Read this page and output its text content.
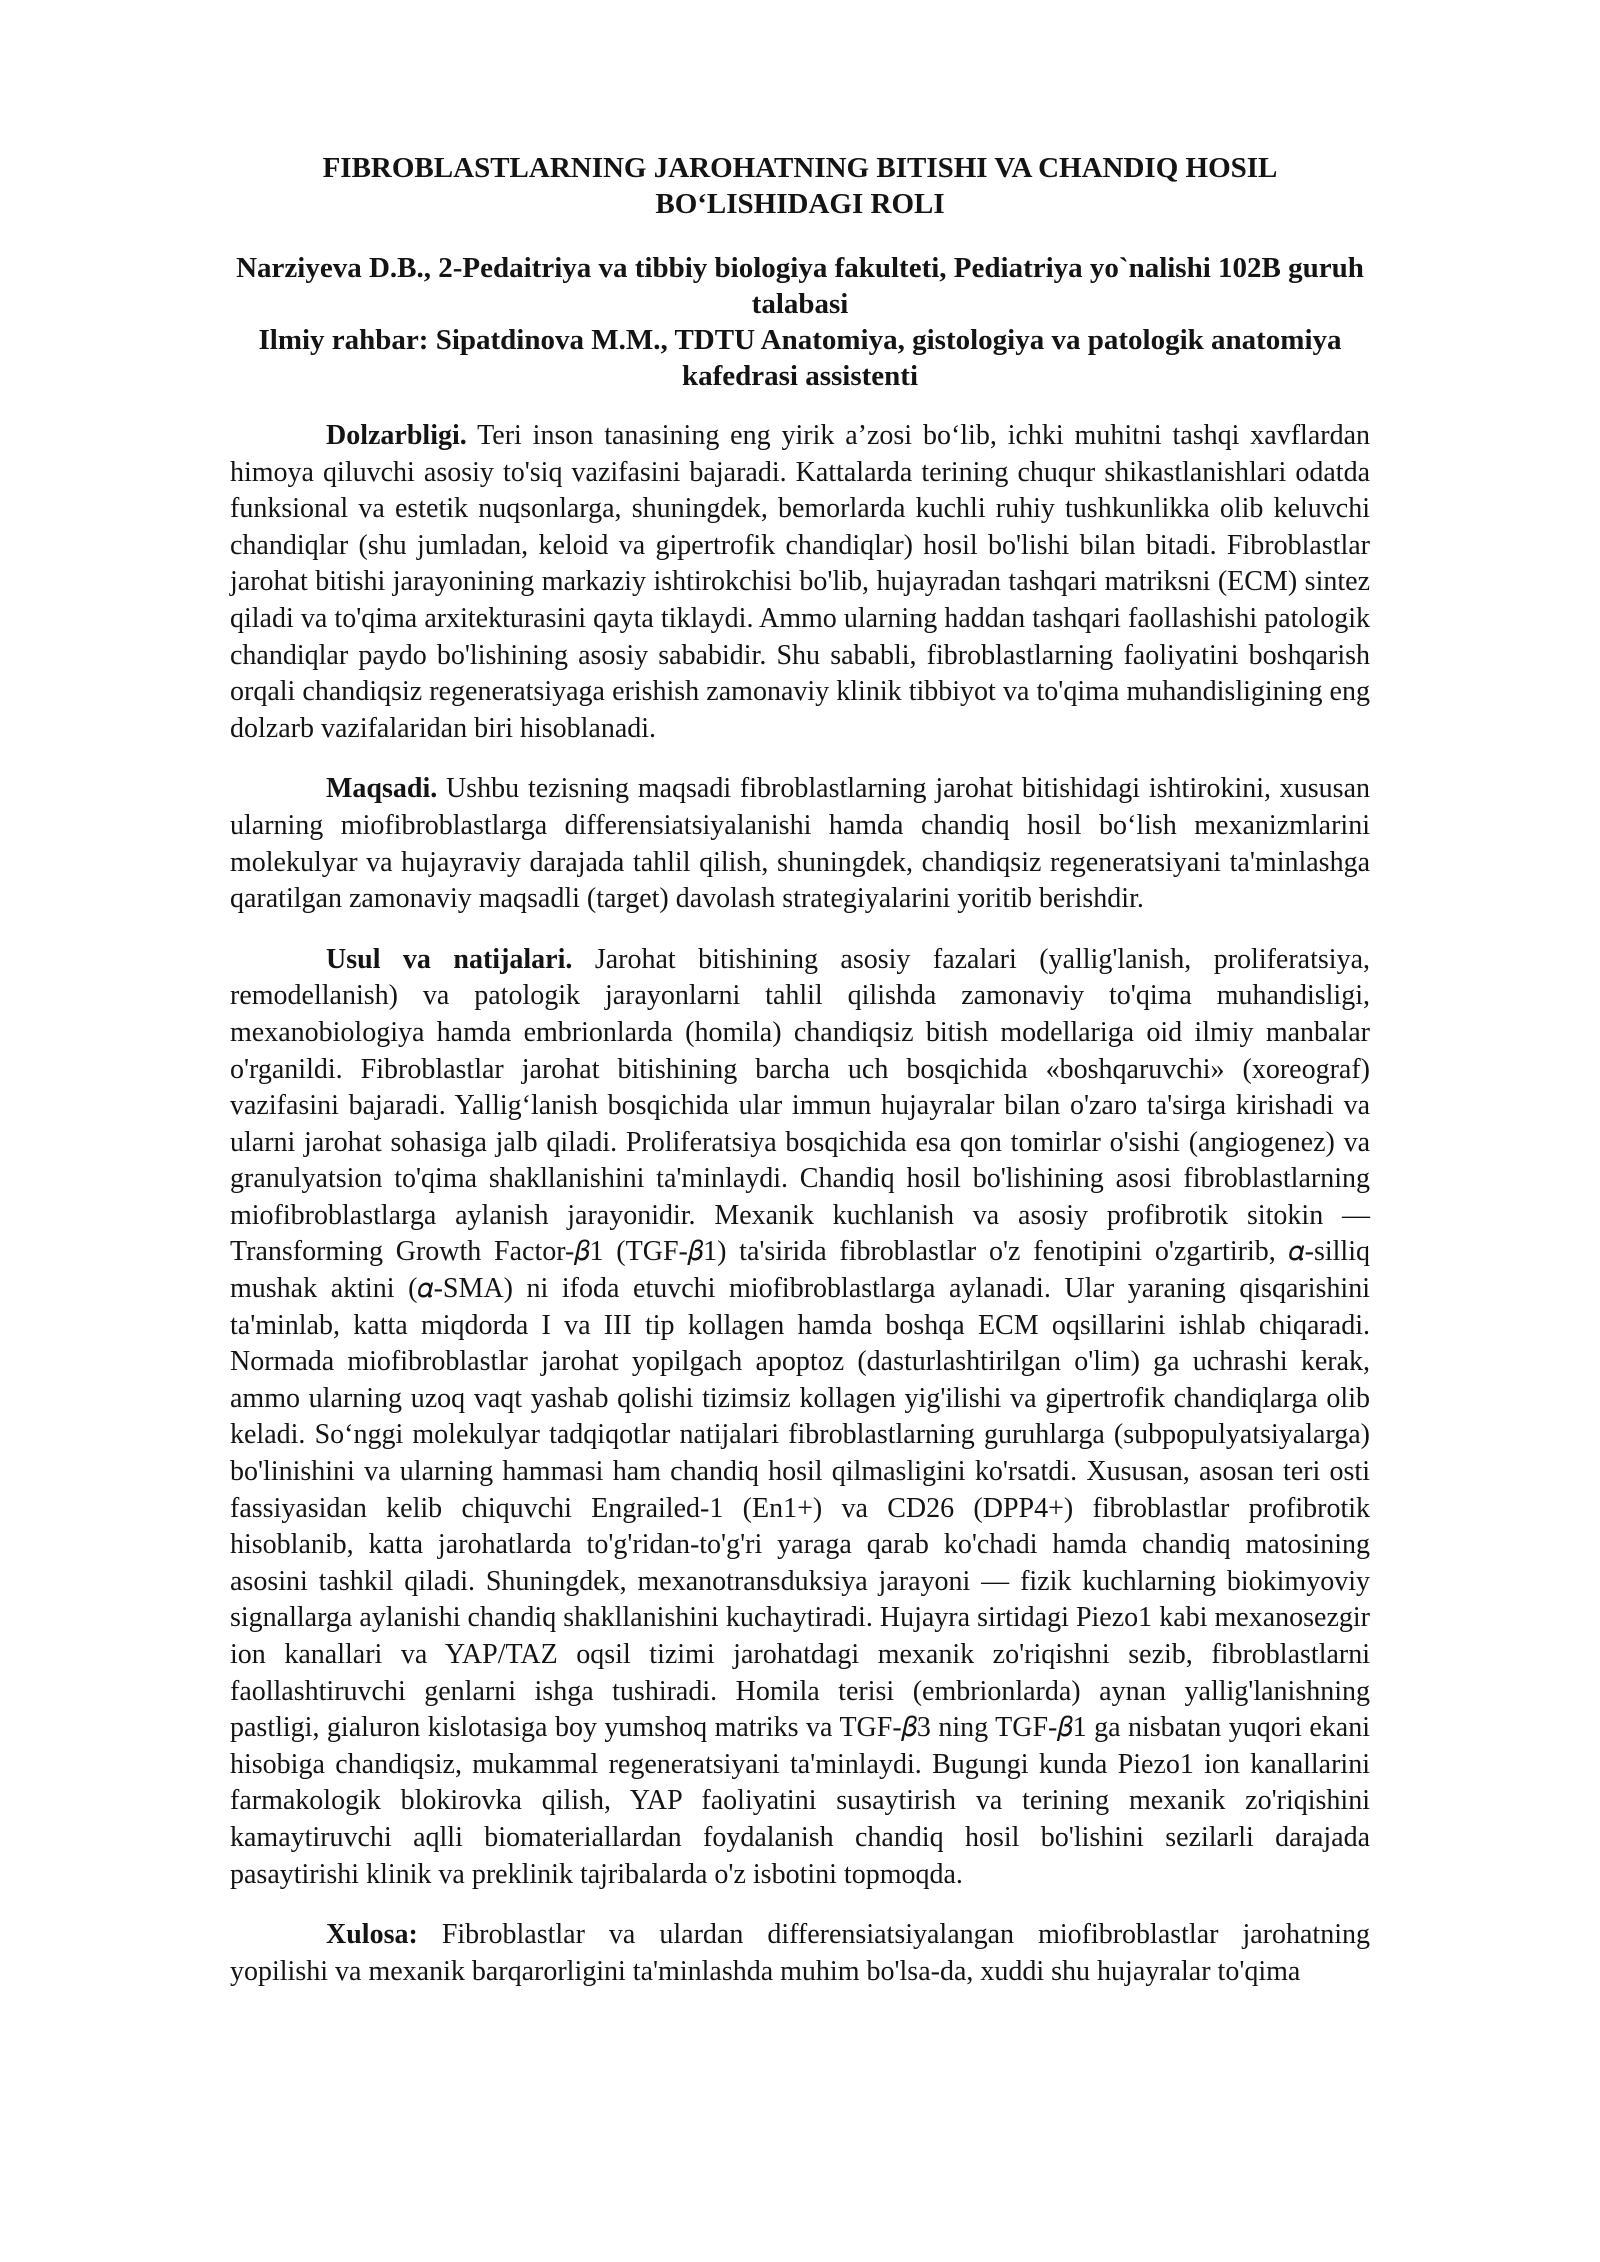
FIBROBLASTLARNING JAROHATNING BITISHI VA CHANDIQ HOSIL BO‘LISHIDAGI ROLI

Narziyeva D.B., 2-Pedaitriya va tibbiy biologiya fakulteti, Pediatriya yo`nalishi 102B guruh talabasi

Ilmiy rahbar: Sipatdinova M.M., TDTU Anatomiya, gistologiya va patologik anatomiya kafedrasi assistenti

Dolzarbligi. Teri inson tanasining eng yirik a’zosi bo‘lib, ichki muhitni tashqi xavflardan himoya qiluvchi asosiy to'siq vazifasini bajaradi. Kattalarda terining chuqur shikastlanishlari odatda funksional va estetik nuqsonlarga, shuningdek, bemorlarda kuchli ruhiy tushkunlikka olib keluvchi chandiqlar (shu jumladan, keloid va gipertrofik chandiqlar) hosil bo'lishi bilan bitadi. Fibroblastlar jarohat bitishi jarayonining markaziy ishtirokchisi bo'lib, hujayradan tashqari matriksni (ECM) sintez qiladi va to'qima arxitekturasini qayta tiklaydi. Ammo ularning haddan tashqari faollashishi patologik chandiqlar paydo bo'lishining asosiy sababidir. Shu sababli, fibroblastlarning faoliyatini boshqarish orqali chandiqsiz regeneratsiyaga erishish zamonaviy klinik tibbiyot va to'qima muhandisligining eng dolzarb vazifalaridan biri hisoblanadi.

Maqsadi. Ushbu tezisning maqsadi fibroblastlarning jarohat bitishidagi ishtirokini, xususan ularning miofibroblastlarga differensiatsiyalanishi hamda chandiq hosil bo‘lish mexanizmlarini molekulyar va hujayraviy darajada tahlil qilish, shuningdek, chandiqsiz regeneratsiyani ta'minlashga qaratilgan zamonaviy maqsadli (target) davolash strategiyalarini yoritib berishdir.

Usul va natijalari. Jarohat bitishining asosiy fazalari (yallig'lanish, proliferatsiya, remodellanish) va patologik jarayonlarni tahlil qilishda zamonaviy to'qima muhandisligi, mexanobiologiya hamda embrionlarda (homila) chandiqsiz bitish modellariga oid ilmiy manbalar o'rganildi. Fibroblastlar jarohat bitishining barcha uch bosqichida «boshqaruvchi» (xoreograf) vazifasini bajaradi. Yallig‘lanish bosqichida ular immun hujayralar bilan o'zaro ta'sirga kirishadi va ularni jarohat sohasiga jalb qiladi. Proliferatsiya bosqichida esa qon tomirlar o'sishi (angiogenez) va granulyatsion to'qima shakllanishini ta'minlaydi. Chandiq hosil bo'lishining asosi fibroblastlarning miofibroblastlarga aylanish jarayonidir. Mexanik kuchlanish va asosiy profibrotik sitokin — Transforming Growth Factor-𝛽1 (TGF-𝛽1) ta'sirida fibroblastlar o'z fenotipini o'zgartirib, 𝛼-silliq mushak aktini (𝛼-SMA) ni ifoda etuvchi miofibroblastlarga aylanadi. Ular yaraning qisqarishini ta'minlab, katta miqdorda I va III tip kollagen hamda boshqa ECM oqsillarini ishlab chiqaradi. Normada miofibroblastlar jarohat yopilgach apoptoz (dasturlashtirilgan o'lim) ga uchrashi kerak, ammo ularning uzoq vaqt yashab qolishi tizimsiz kollagen yig'ilishi va gipertrofik chandiqlarga olib keladi. So‘nggi molekulyar tadqiqotlar natijalari fibroblastlarning guruhlarga (subpopulyatsiyalarga) bo'linishini va ularning hammasi ham chandiq hosil qilmasligini ko'rsatdi. Xususan, asosan teri osti fassiyasidan kelib chiquvchi Engrailed-1 (En1+) va CD26 (DPP4+) fibroblastlar profibrotik hisoblanib, katta jarohatlarda to'g'ridan-to'g'ri yaraga qarab ko'chadi hamda chandiq matosining asosini tashkil qiladi. Shuningdek, mexanotransduksiya jarayoni — fizik kuchlarning biokimyoviy signallarga aylanishi chandiq shakllanishini kuchaytiradi. Hujayra sirtidagi Piezo1 kabi mexanosezgir ion kanallari va YAP/TAZ oqsil tizimi jarohatdagi mexanik zo'riqishni sezib, fibroblastlarni faollashtiruvchi genlarni ishga tushiradi. Homila terisi (embrionlarda) aynan yallig'lanishning pastligi, gialuron kislotasiga boy yumshoq matriks va TGF-𝛽3 ning TGF-𝛽1 ga nisbatan yuqori ekani hisobiga chandiqsiz, mukammal regeneratsiyani ta'minlaydi. Bugungi kunda Piezo1 ion kanallarini farmakologik blokirovka qilish, YAP faoliyatini susaytirish va terining mexanik zo'riqishini kamaytiruvchi aqlli biomateriallardan foydalanish chandiq hosil bo'lishini sezilarli darajada pasaytirishi klinik va preklinik tajribalarda o'z isbotini topmoqda.

Xulosa: Fibroblastlar va ulardan differensiatsiyalangan miofibroblastlar jarohatning yopilishi va mexanik barqarorligini ta'minlashda muhim bo'lsa-da, xuddi shu hujayralar to'qima
